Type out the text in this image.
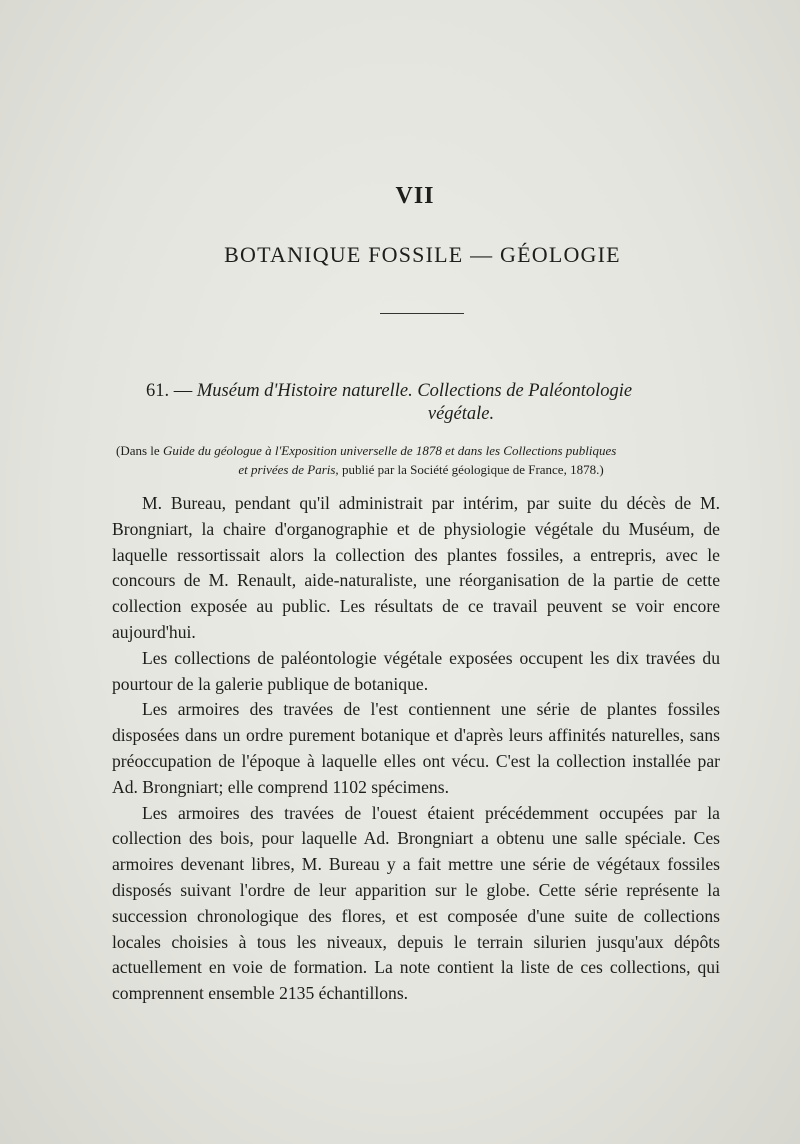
VII
BOTANIQUE FOSSILE — GÉOLOGIE
61. — Muséum d'Histoire naturelle. Collections de Paléontologie
végétale.
(Dans le Guide du géologue à l'Exposition universelle de 1878 et dans les Collections publiques
et privées de Paris, publié par la Société géologique de France, 1878.)

M. Bureau, pendant qu'il administrait par intérim, par suite du décès de M. Brongniart, la chaire d'organographie et de physiologie végétale du Muséum, de laquelle ressortissait alors la collection des plantes fossiles, a entrepris, avec le concours de M. Renault, aide-naturaliste, une réorganisation de la partie de cette collection exposée au public. Les résultats de ce travail peuvent se voir encore aujourd'hui.

Les collections de paléontologie végétale exposées occupent les dix travées du pourtour de la galerie publique de botanique.

Les armoires des travées de l'est contiennent une série de plantes fossiles disposées dans un ordre purement botanique et d'après leurs affinités naturelles, sans préoccupation de l'époque à laquelle elles ont vécu. C'est la collection installée par Ad. Brongniart; elle comprend 1102 spécimens.

Les armoires des travées de l'ouest étaient précédemment occupées par la collection des bois, pour laquelle Ad. Brongniart a obtenu une salle spéciale. Ces armoires devenant libres, M. Bureau y a fait mettre une série de végétaux fossiles disposés suivant l'ordre de leur apparition sur le globe. Cette série représente la succession chronologique des flores, et est composée d'une suite de collections locales choisies à tous les niveaux, depuis le terrain silurien jusqu'aux dépôts actuellement en voie de formation. La note contient la liste de ces collections, qui comprennent ensemble 2135 échantillons.
